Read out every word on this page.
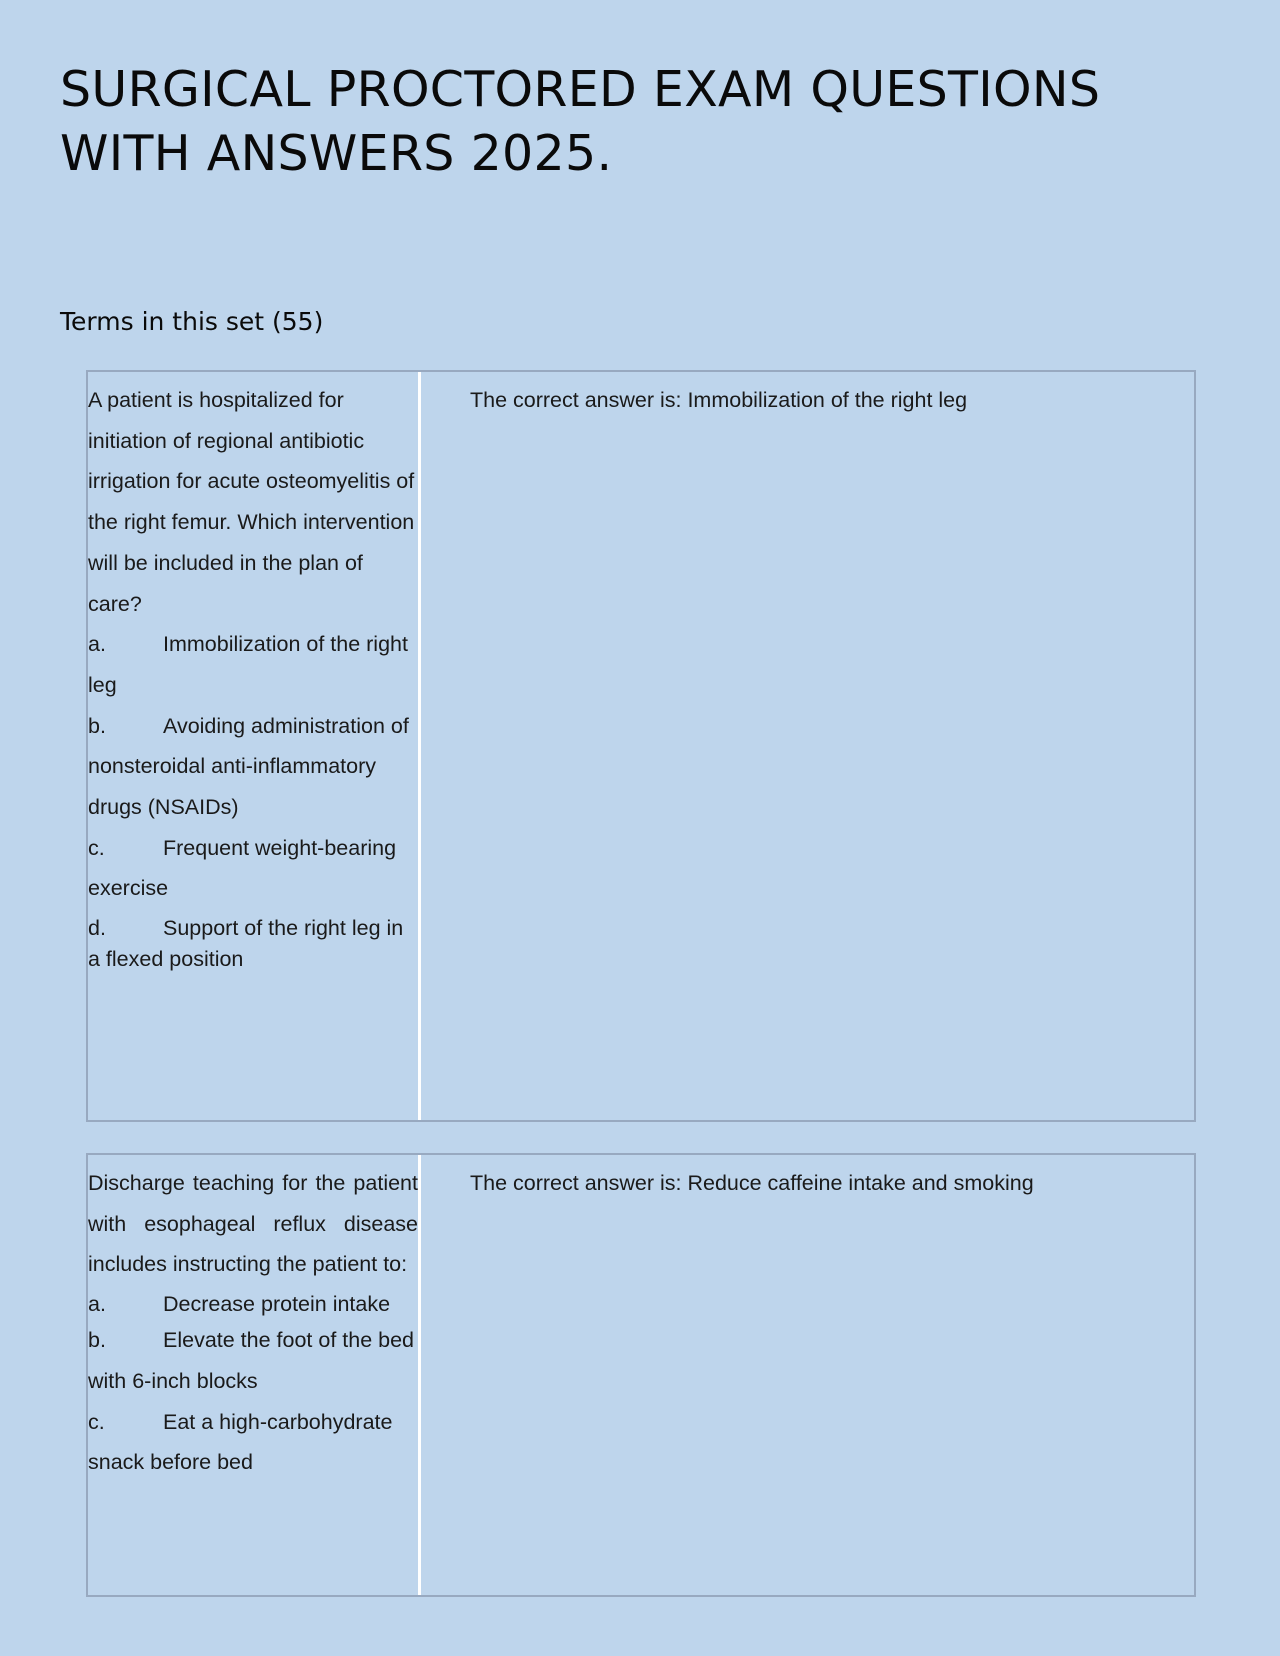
SURGICAL PROCTORED EXAM QUESTIONS
WITH ANSWERS 2025.
Terms in this set (55)
A patient is hospitalized for initiation of regional antibiotic irrigation for acute osteomyelitis of the right femur. Which intervention will be included in the plan of care?
a.	Immobilization of the right leg
b.	Avoiding administration of nonsteroidal anti-inflammatory drugs (NSAIDs)
c.	Frequent weight-bearing exercise
d.	Support of the right leg in a flexed position
The correct answer is: Immobilization of the right leg
Discharge teaching for the patient with esophageal reflux disease includes instructing the patient to:
a.	Decrease protein intake
b.	Elevate the foot of the bed with 6-inch blocks
c.	Eat a high-carbohydrate snack before bed
The correct answer is: Reduce caffeine intake and smoking
